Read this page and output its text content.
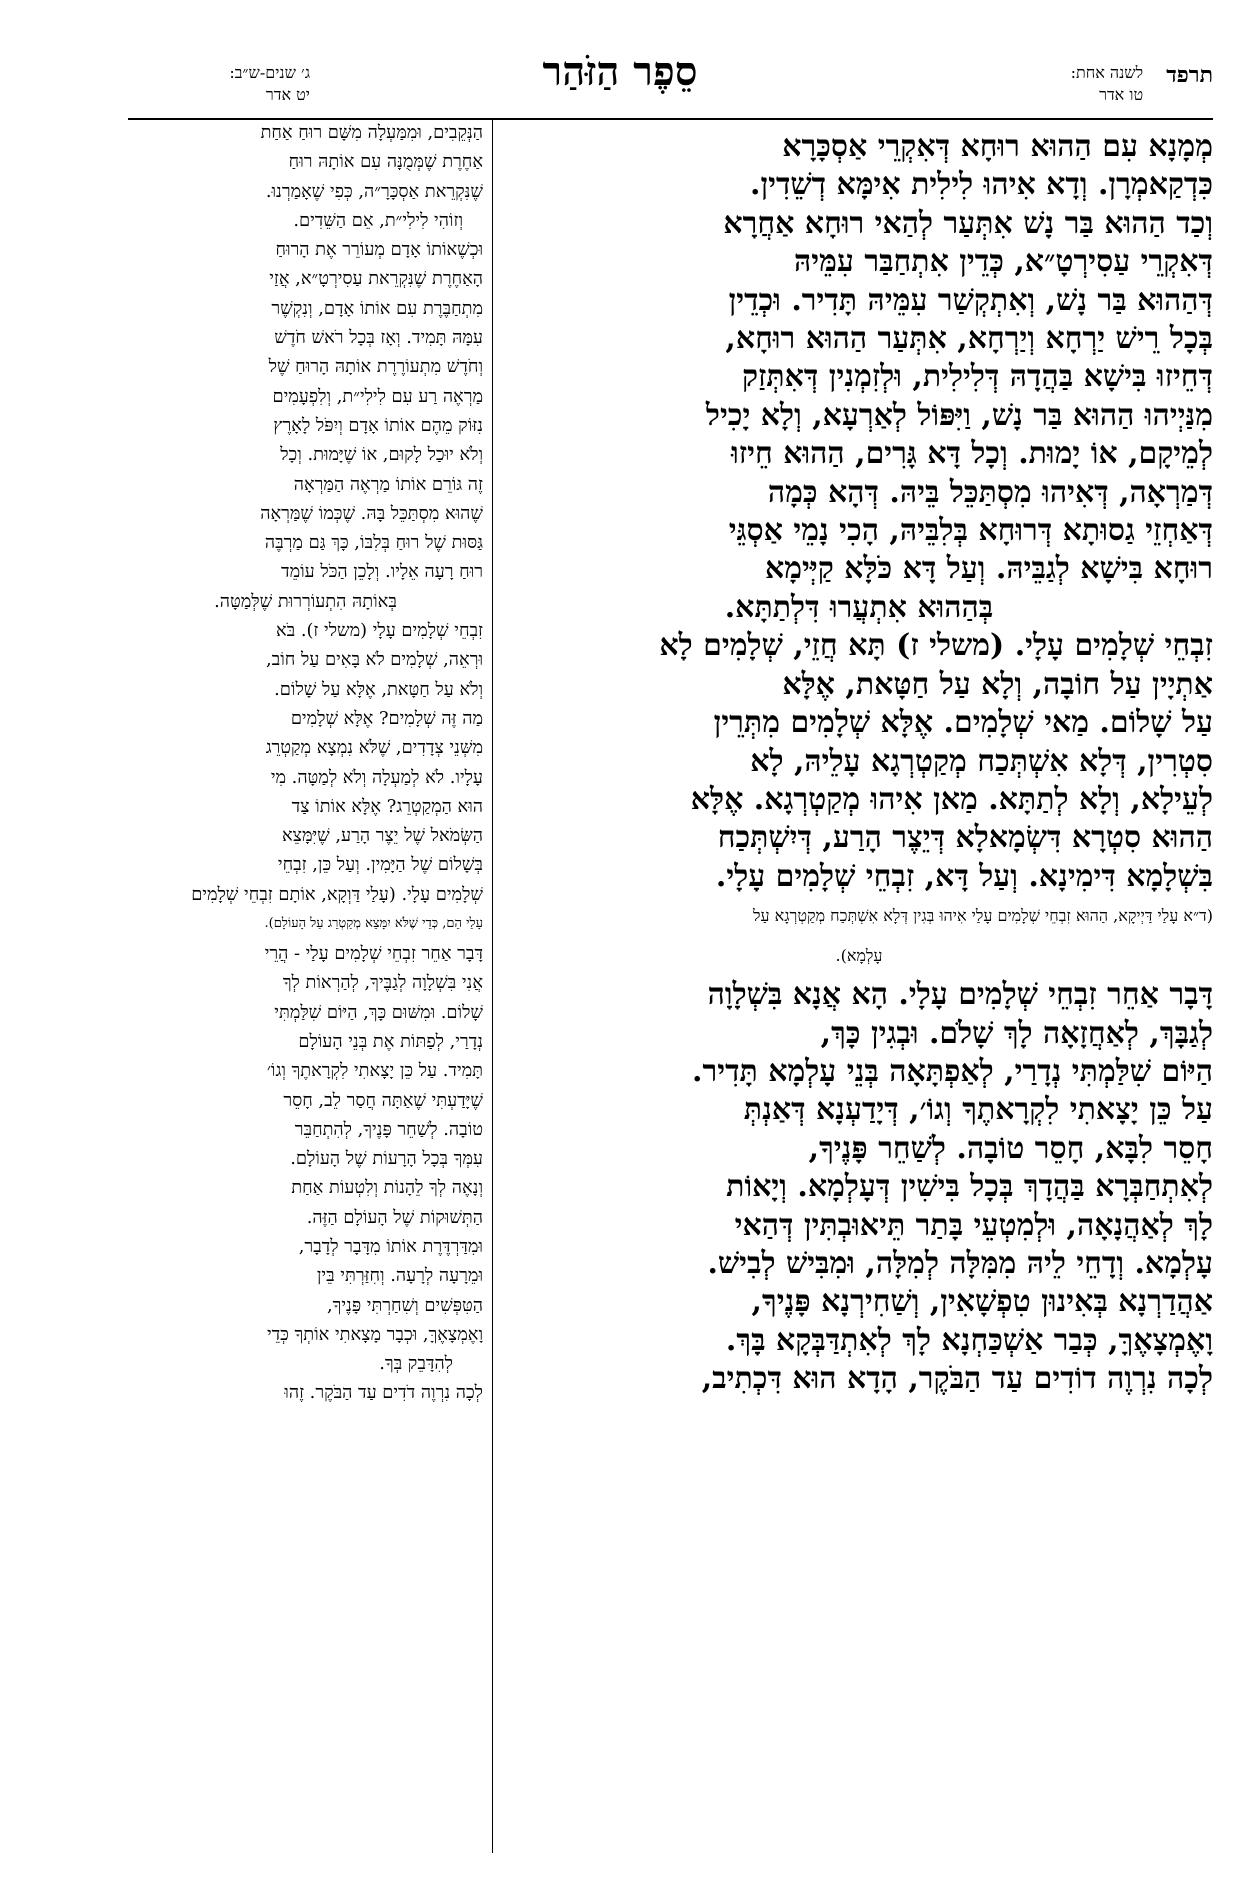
תרפד
לשנה אחת:
טו אדר
סֵפֶר הַזֹּהַר
ג׳ שנים-ש״ב:
יט אדר

מְמָנָא עִם הַהוּא רוּחָא דְּאִקְרֵי אַסְכָּרָא

כִּדְקַאמְרָן. וְדָא אִיהוּ לִילִית אִימָּא דְשֵׁדִין.

וְכַד הַהוּא בַּר נָשׁ אִתְּעַר לְהַאי רוּחָא אַחֲרָא

דְּאִקְרֵי עַסִירְטָ״א, כְּדֵין אִתְחַבַּר עִמֵּיהּ

דְּהַהוּא בַּר נָשׁ, וְאִתְקְשַׁר עִמֵּיהּ תָּדִיר. וּכְדֵין

בְּכָל רֵישׁ יַרְחָא וְיַרְחָא, אִתְּעַר הַהוּא רוּחָא,

דְּחֵיזוּ בִּישָׁא בַּהֲדָהּ דְּלִילִית, וּלְזִמְנִין דְּאִתְּזַק

מִנַּיְיהוּ הַהוּא בַּר נָשׁ, וַיִּפּוֹל לְאַרְעָא, וְלָא יָכִיל

לְמֵיקָם, אוֹ יָמוּת. וְכָל דָּא גָּרִים, הַהוּא חֵיזוּ

דְּמַרְאָה, דְּאִיהוּ מִסְתַּכֵּל בֵּיהּ. דְּהָא כְּמָה

דְּאַחְזֵי גַסוּתָא דְּרוּחָא בְּלִבֵּיהּ, הָכִי נָמֵי אַסְגֵּי

רוּחָא בִּישָׁא לְגַבֵּיהּ. וְעַל דָּא כֹּלָּא קַיְּימָא

בְּהַהוּא אִתְעֲרוּ דִּלְתַתָּא.

זִבְחֵי שְׁלָמִים עָלָי. (משלי ז) תָּא חֲזֵי, שְׁלָמִים לָא

אַתְיָין עַל חוֹבָה, וְלָא עַל חַטָּאת, אֶלָּא

עַל שָׁלוֹם. מַאי שְׁלָמִים. אֶלָּא שְׁלָמִים מִתְּרֵין

סִטְרִין, דְּלָא אִשְׁתְּכַח מְקַטְרְגָא עָלֵיהּ, לָא

לְעֵילָא, וְלָא לְתַתָּא. מַאן אִיהוּ מְקַטְרְגָא. אֶלָּא

הַהוּא סִטְרָא דִּשְׂמָאלָא דְּיֵצֶר הָרַע, דְּיִשְׁתְּכַח

בִּשְׁלָמָא דִּימִינָא. וְעַל דָּא, זִבְחֵי שְׁלָמִים עָלָי.

(ד״א עָלַי דַּיְיקָא, הַהוּא זִבְחֵי שְׁלָמִים עָלַי אִיהוּ בְּגִין דְּלָא אִשְׁתְּכַח מְקַטְרְגָא עַל

עָלְמָא).

דָּבָר אַחֵר זִבְחֵי שְׁלָמִים עָלָי. הָא אֲנָא בִּשְׁלָוָה

לְגַבָּךְ, לְאַחֲזָאָה לָךְ שָׁלֹם. וּבְגִין כָּךְ,

הַיּוֹם שִׁלַּמְתִּי נְדָרַי, לְאַפְתָּאָה בְּנֵי עָלְמָא תָּדִיר.

עַל כֵּן יָצָאתִי לִקְרָאתֶךָ וְגוֹ׳, דְּיָדַעְנָא דְּאַנְתְּ

חָסֵר לִבָּא, חָסֵר טוֹבָה. לְשַׁחֵר פָּנֶיךָ,

לְאִתְחַבְּרָא בַּהֲדָךְ בְּכָל בִּישִׁין דְּעָלְמָא. וְיָאוֹת

לָךְ לְאַהֲנָאָה, וּלְמִטְעֵי בָּתַר תֵּיאוּבְתִּין דְּהַאי

עָלְמָא. וְדָחֵי לֵיהּ מִמִּלָּה לְמִלָּה, וּמִבִּישׁ לְבִישׁ.

אַהֲדַרְנָא בְּאִינוּן טִפְשָׁאִין, וְשַׁחִירְנָא פָּנֶיךָ,

וָאֶמְצָאֶךָּ, כְּבַר אַשְׁכַּחְנָא לָךְ לְאִתְדַּבְּקָא בָּךְ.

לְכָה נִרְוֶה דוֹדִים עַד הַבֹּקֶר, הָדָא הוּא דִּכְתִיב,

הַנְּקֵבִים, וּמִמַּעְלָה מִשָּׁם רוּחַ אַחַת

אַחֶרֶת שֶׁמְּמֻנָּה עִם אוֹתָהּ רוּחַ

שֶׁנִּקְרֵאת אַסְכָּרָ״ה, כְּפִי שֶׁאָמַרְנוּ.

וְזוֹהִי לִילִי״ת, אֵם הַשֵּׁדִים.

וּכְשֶׁאוֹתוֹ אָדָם מְעוֹרֵר אֶת הָרוּחַ

הָאַחֶרֶת שֶׁנִּקְרֵאת עַסִירְטָ״א, אֲזַי

מִתְחַבֶּרֶת עִם אוֹתוֹ אָדָם, וְנִקְשֶׁר

עִמָּהּ תָּמִיד. וְאָז בְּכָל רֹאשׁ חֹדֶשׁ

וְחֹדֶשׁ מִתְעוֹרֶרֶת אוֹתָהּ הָרוּחַ שֶׁל

מַרְאֶה רַע עִם לִילִי״ת, וְלִפְעָמִים

נִזּוֹק מֵהֶם אוֹתוֹ אָדָם וְיִפֹּל לָאָרֶץ

וְלֹא יוּכַל לָקוּם, אוֹ שֶׁיָּמוּת. וְכָל

זֶה גּוֹרֵם אוֹתוֹ מַרְאֶה הַמַּרְאָה

שֶׁהוּא מִסְתַּכֵּל בָּהּ. שֶׁכְּמוֹ שֶׁמַּרְאָה

גַּסּוּת שֶׁל רוּחַ בְּלִבּוֹ, כָּךְ גַּם מַרְבֶּה

רוּחַ רָעָה אֵלָיו. וְלָכֵן הַכֹּל עוֹמֵד

בְּאוֹתָהּ הִתְעוֹרְרוּת שֶׁלְּמַטָּה.

זִבְחֵי שְׁלָמִים עָלָי (משלי ז). בֹּא

וּרְאֵה, שְׁלָמִים לֹא בָּאִים עַל חוֹב,

וְלֹא עַל חַטָּאת, אֶלָּא עַל שָׁלוֹם.

מַה זֶּה שְׁלָמִים? אֶלָּא שְׁלָמִים

מִשְּׁנֵי צְדָדִים, שֶׁלֹּא נִמְצָא מְקַטְרֵג

עָלָיו. לֹא לְמַעְלָה וְלֹא לְמַטָּה. מִי

הוּא הַמְקַטְרֵג? אֶלָּא אוֹתוֹ צַד

הַשְּׂמֹאל שֶׁל יֵצֶר הָרַע, שֶׁיִּמָּצֵא

בְּשָׁלוֹם שֶׁל הַיָּמִין. וְעַל כֵּן, זִבְחֵי

שְׁלָמִים עָלָי. (עָלַי דַּוְקָא, אוֹתָם זִבְחֵי שְׁלָמִים

עָלַי הֵם, כְּדֵי שֶׁלֹּא יִמָּצֵא מְקַטְרֵג עַל הָעוֹלָם).

דָּבָר אַחֵר זִבְחֵי שְׁלָמִים עָלַי - הֲרֵי

אֲנִי בִּשְׁלָוָה לְגַבֶּיךָ, לְהַרְאוֹת לְךָ

שָׁלוֹם. וּמִשּׁוּם כָּךְ, הַיּוֹם שִׁלַּמְתִּי

נְדָרַי, לְפַתּוֹת אֶת בְּנֵי הָעוֹלָם

תָּמִיד. עַל כֵּן יָצָאתִי לִקְרָאתֶךָ וְגוֹ׳

שֶׁיָּדַעְתִּי שֶׁאַתָּה חֲסַר לֵב, חָסֵר

טוֹבָה. לְשַׁחֵר פָּנֶיךָ, לְהִתְחַבֵּר

עִמְּךָ בְּכָל הָרָעוֹת שֶׁל הָעוֹלָם.

וְנָאֶה לְךָ לֵהָנוֹת וְלִטְעוֹת אַחַת

הַתְּשׁוּקוֹת שֶׁל הָעוֹלָם הַזֶּה.

וּמִדַּרְדֶּרֶת אוֹתוֹ מִדָּבָר לְדָבָר,

וּמֵרָעָה לְרָעָה. וְחִזַּרְתִּי בֵּין

הַטִּפְּשִׁים וְשִׁחַרְתִּי פָּנֶיךָ,

וָאֶמְצָאֶךָּ, וּכְבָר מָצָאתִי אוֹתְךָ כְּדֵי

לְהִדָּבֵק בְּךָ.

לְכָה נִרְוֶה דֹדִים עַד הַבֹּקֶר. זֶהוּ
